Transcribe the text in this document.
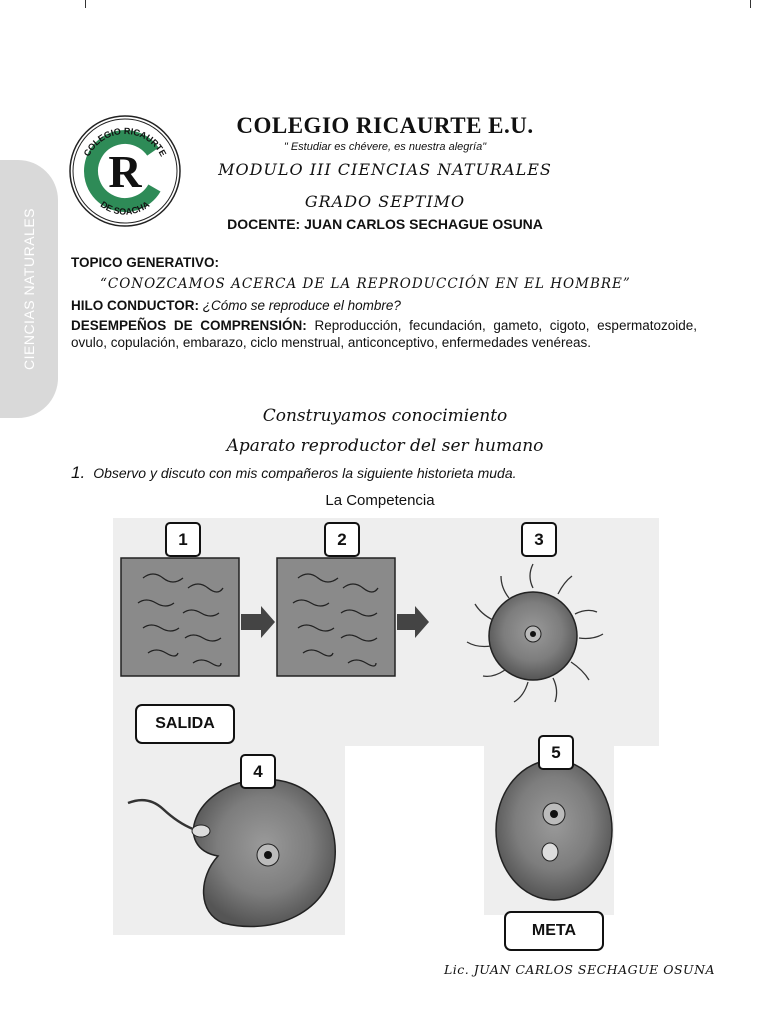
CIENCIAS NATURALES
R
COLEGIO RICAURTE
DE SOACHA
COLEGIO RICAURTE E.U.
" Estudiar es chévere, es nuestra alegría"
MODULO III CIENCIAS NATURALES
GRADO SEPTIMO
DOCENTE: JUAN CARLOS SECHAGUE OSUNA
TOPICO GENERATIVO:
“CONOZCAMOS ACERCA DE LA REPRODUCCIÓN EN EL HOMBRE”
HILO CONDUCTOR: ¿Cómo se reproduce el hombre?
DESEMPEÑOS DE COMPRENSIÓN: Reproducción, fecundación, gameto, cigoto, espermatozoide, ovulo, copulación, embarazo, ciclo menstrual, anticonceptivo, enfermedades venéreas.
Construyamos conocimiento
Aparato reproductor del ser humano
1. Observo y discuto con mis compañeros la siguiente historieta muda.
La Competencia
1	2	3
4
5
SALIDA
META
Lic. JUAN CARLOS SECHAGUE OSUNA
